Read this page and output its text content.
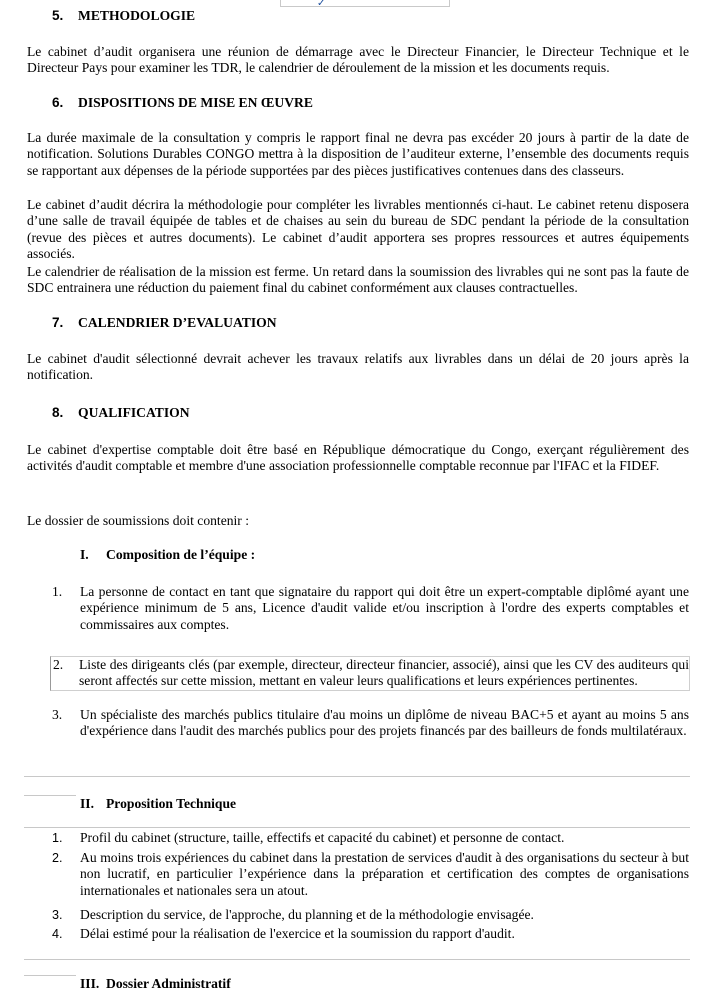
✓
5. METHODOLOGIE
Le cabinet d’audit organisera une réunion de démarrage avec le Directeur Financier, le Directeur Technique et le Directeur Pays pour examiner les TDR, le calendrier de déroulement de la mission et les documents requis.
6. DISPOSITIONS DE MISE EN ŒUVRE
La durée maximale de la consultation y compris le rapport final ne devra pas excéder 20 jours à partir de la date de notification. Solutions Durables CONGO mettra à la disposition de l’auditeur externe, l’ensemble des documents requis se rapportant aux dépenses de la période supportées par des pièces justificatives contenues dans des classeurs.
Le cabinet d’audit décrira la méthodologie pour compléter les livrables mentionnés ci-haut. Le cabinet retenu disposera d’une salle de travail équipée de tables et de chaises au sein du bureau de SDC pendant la période de la consultation (revue des pièces et autres documents). Le cabinet d’audit apportera ses propres ressources et autres équipements associés.
Le calendrier de réalisation de la mission est ferme. Un retard dans la soumission des livrables qui ne sont pas la faute de SDC entrainera une réduction du paiement final du cabinet conformément aux clauses contractuelles.
7. CALENDRIER D’EVALUATION
Le cabinet d'audit sélectionné devrait achever les travaux relatifs aux livrables dans un délai de 20 jours après la notification.
8. QUALIFICATION
Le cabinet d'expertise comptable doit être basé en République démocratique du Congo, exerçant régulièrement des activités d'audit comptable et membre d'une association professionnelle comptable reconnue par l'IFAC et la FIDEF.
Le dossier de soumissions doit contenir :
I. Composition de l’équipe :
1. La personne de contact en tant que signataire du rapport qui doit être un expert-comptable diplômé ayant une expérience minimum de 5 ans, Licence d'audit valide et/ou inscription à l'ordre des experts comptables et commissaires aux comptes.
2. Liste des dirigeants clés (par exemple, directeur, directeur financier, associé), ainsi que les CV des auditeurs qui seront affectés sur cette mission, mettant en valeur leurs qualifications et leurs expériences pertinentes.
3. Un spécialiste des marchés publics titulaire d'au moins un diplôme de niveau BAC+5 et ayant au moins 5 ans d'expérience dans l'audit des marchés publics pour des projets financés par des bailleurs de fonds multilatéraux.
II. Proposition Technique
1. Profil du cabinet (structure, taille, effectifs et capacité du cabinet) et personne de contact.
2. Au moins trois expériences du cabinet dans la prestation de services d'audit à des organisations du secteur à but non lucratif, en particulier l’expérience dans la préparation et certification des comptes de organisations internationales et nationales sera un atout.
3. Description du service, de l'approche, du planning et de la méthodologie envisagée.
4. Délai estimé pour la réalisation de l'exercice et la soumission du rapport d'audit.
III. Dossier Administratif
